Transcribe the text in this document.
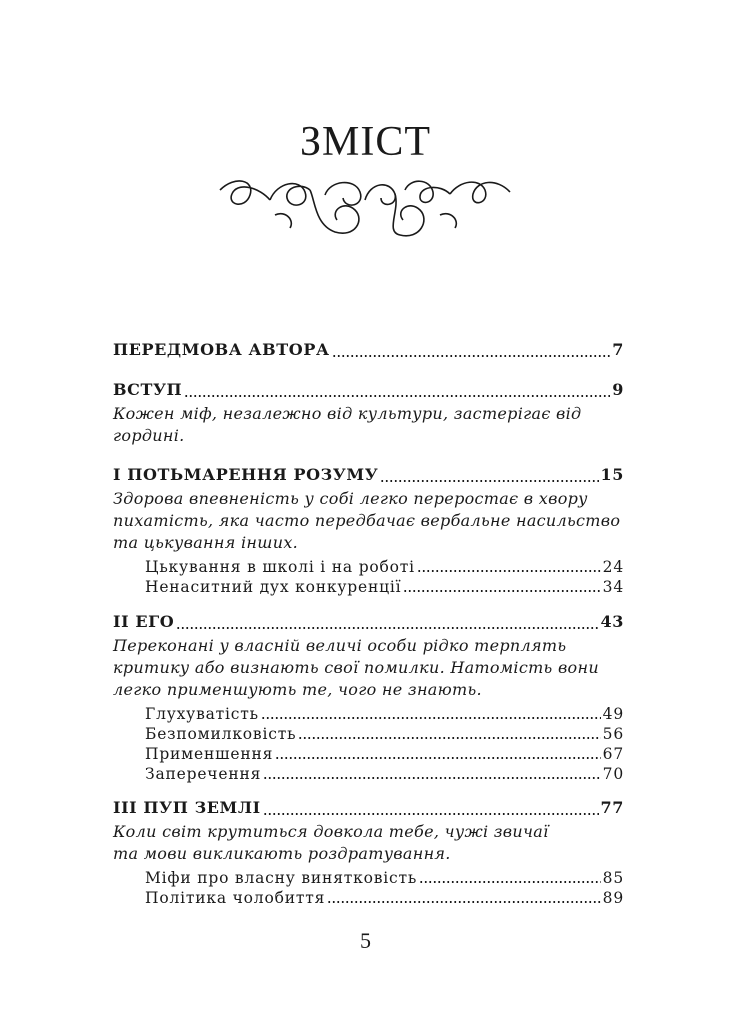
ЗМІСТ
ПЕРЕДМОВА АВТОРА	7
ВСТУП	9
Кожен міф, незалежно від культури, застерігає від
гордині.
I ПОТЬМАРЕННЯ РОЗУМУ	15
Здорова впевненість у собі легко переростає в хвору
пихатість, яка часто передбачає вербальне насильство
та цькування інших.
Цькування в школі і на роботі	24
Ненаситний дух конкуренції	34
II ЕГО	43
Переконані у власній величі особи рідко терплять
критику або визнають свої помилки. Натомість вони
легко применшують те, чого не знають.
Глухуватість	49
Безпомилковість	56
Применшення	67
Заперечення	70
III ПУП ЗЕМЛІ	77
Коли світ крутиться довкола тебе, чужі звичаї
та мови викликають роздратування.
Міфи про власну винятковість	85
Політика чолобиття	89
5
